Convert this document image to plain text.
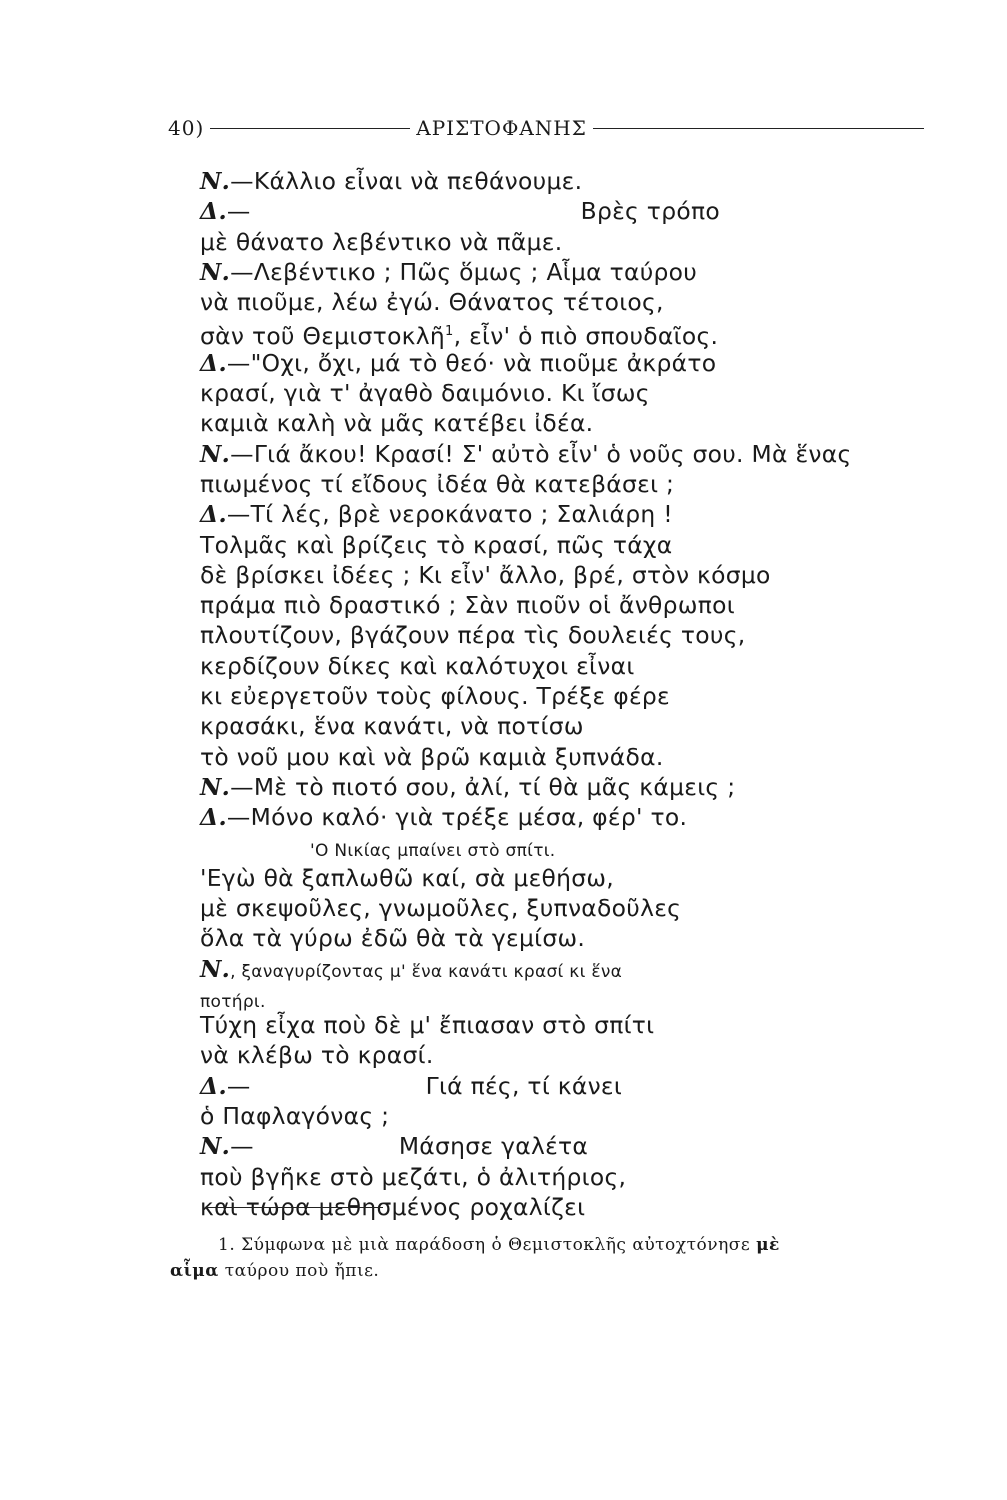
40)	ΑΡΙΣΤΟΦΑΝΗΣ
Ν.—Κάλλιο εἶναι νὰ πεθάνουμε.
Δ.—	Βρὲς τρόπο
μὲ θάνατο λεβέντικο νὰ πᾶμε.
Ν.—Λεβέντικο ; Πῶς ὅμως ; Αἷμα ταύρου
νὰ πιοῦμε, λέω ἐγώ. Θάνατος τέτοιος,
σὰν τοῦ Θεμιστοκλῆ$^1$, εἶν' ὁ πιὸ σπουδαῖος.
Δ.—"Οχι, ὄχι, μά τὸ θεό· νὰ πιοῦμε ἀκράτο
κρασί, γιὰ τ' ἀγαθὸ δαιμόνιο. Κι ἴσως
καμιὰ καλὴ νὰ μᾶς κατέβει ἰδέα.
Ν.—Γιά ἄκου! Κρασί! Σ' αὐτὸ εἶν' ὁ νοῦς σου. Μὰ ἕνας
πιωμένος τί εἴδους ἰδέα θὰ κατεβάσει ;
Δ.—Τί λές, βρὲ νεροκάνατο ; Σαλιάρη !
Τολμᾶς καὶ βρίζεις τὸ κρασί, πῶς τάχα
δὲ βρίσκει ἰδέες ; Κι εἶν' ἄλλο, βρέ, στὸν κόσμο
πράμα πιὸ δραστικό ; Σὰν πιοῦν οἱ ἄνθρωποι
πλουτίζουν, βγάζουν πέρα τὶς δουλειές τους,
κερδίζουν δίκες καὶ καλότυχοι εἶναι
κι εὐεργετοῦν τοὺς φίλους. Τρέξε φέρε
κρασάκι, ἕνα κανάτι, νὰ ποτίσω
τὸ νοῦ μου καὶ νὰ βρῶ καμιὰ ξυπνάδα.
Ν.—Μὲ τὸ πιοτό σου, ἀλί, τί θὰ μᾶς κάμεις ;
Δ.—Μόνο καλό· γιὰ τρέξε μέσα, φέρ' το.
'Ο Νικίας μπαίνει στὸ σπίτι.
'Εγὼ θὰ ξαπλωθῶ καί, σὰ μεθήσω,
μὲ σκεψοῦλες, γνωμοῦλες, ξυπναδοῦλες
ὅλα τὰ γύρω ἐδῶ θὰ τὰ γεμίσω.
Ν., ξαναγυρίζοντας μ' ἕνα κανάτι κρασί κι ἕνα
ποτήρι.
Τύχη εἶχα ποὺ δὲ μ' ἔπιασαν στὸ σπίτι
νὰ κλέβω τὸ κρασί.
Δ.—	Γιά πές, τί κάνει
ὁ Παφλαγόνας ;
Ν.—	Μάσησε γαλέτα
ποὺ βγῆκε στὸ μεζάτι, ὁ ἀλιτήριος,
καὶ τώρα μεθησμένος ροχαλίζει
1. Σύμφωνα μὲ μιὰ παράδοση ὁ Θεμιστοκλῆς αὐτοχτόνησε μὲ
αἷμα ταύρου ποὺ ἤπιε.
